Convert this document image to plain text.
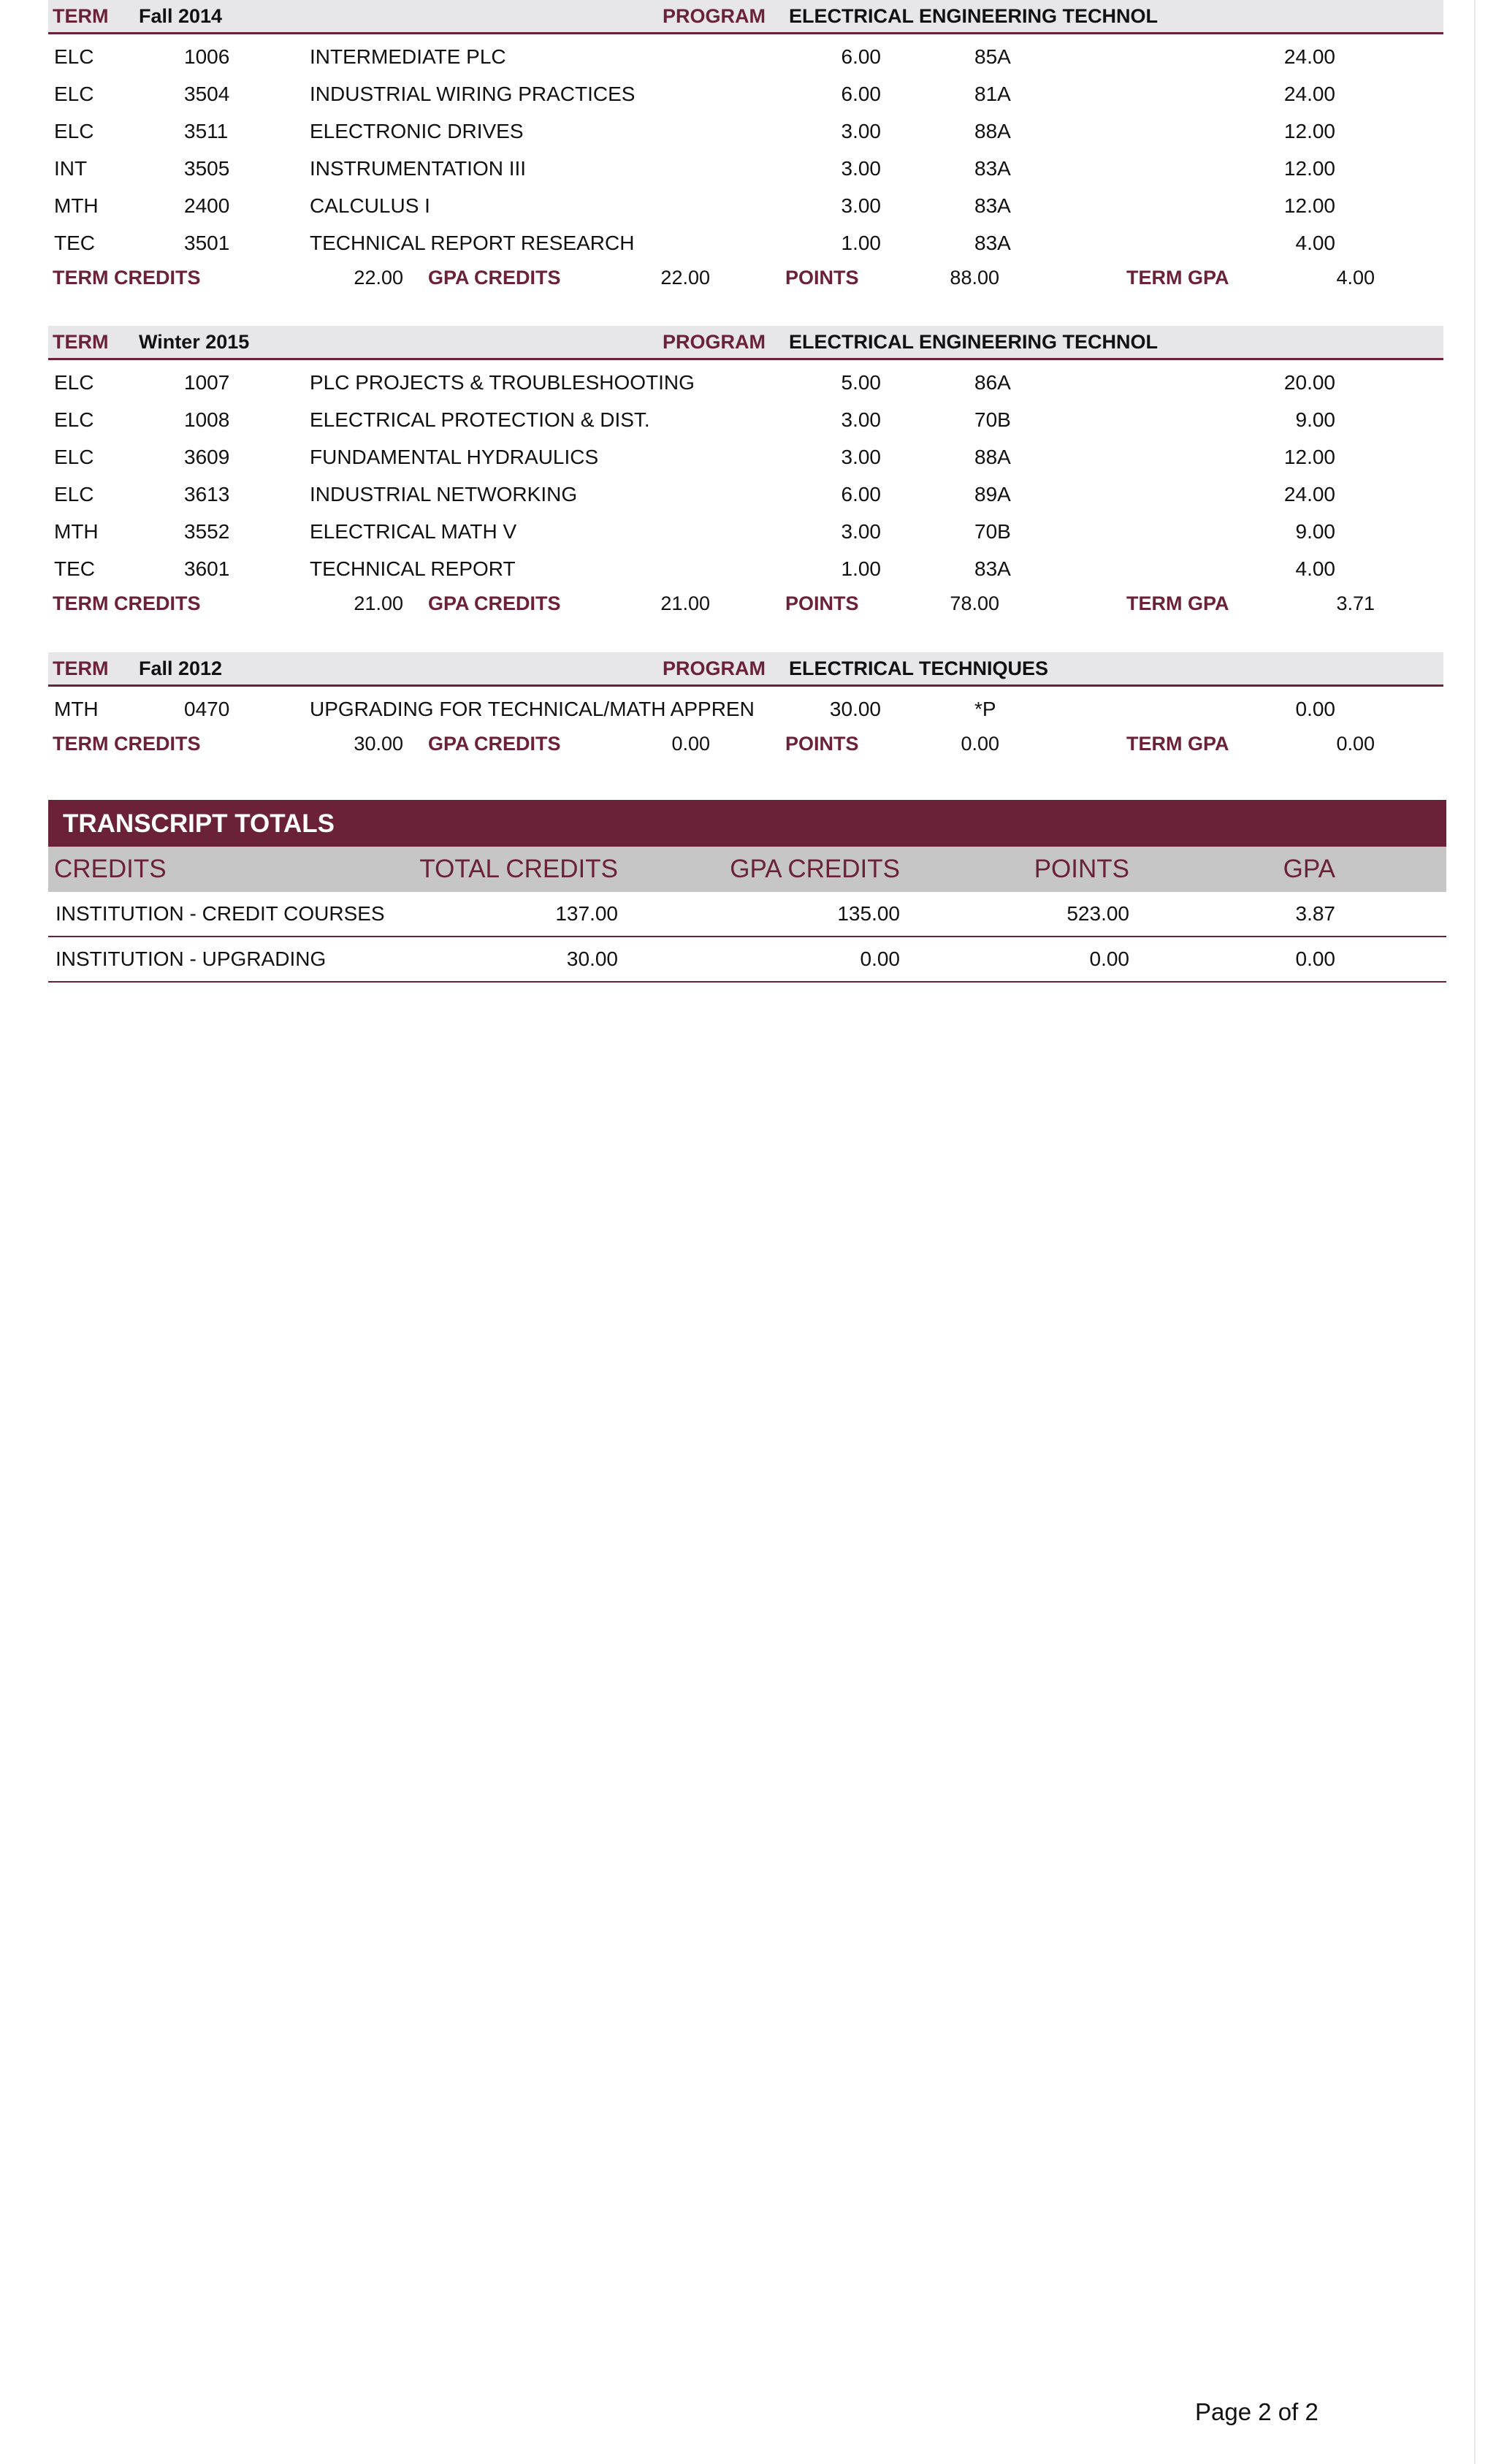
TERM Fall 2014	PROGRAM ELECTRICAL ENGINEERING TECHNOL
ELC	1006	INTERMEDIATE PLC	6.00	85A	24.00
ELC	3504	INDUSTRIAL WIRING PRACTICES	6.00	81A	24.00
ELC	3511	ELECTRONIC DRIVES	3.00	88A	12.00
INT	3505	INSTRUMENTATION III	3.00	83A	12.00
MTH	2400	CALCULUS I	3.00	83A	12.00
TEC	3501	TECHNICAL REPORT RESEARCH	1.00	83A	4.00
TERM CREDITS	22.00 GPA CREDITS	22.00	POINTS	88.00	TERM GPA	4.00
TERM Winter 2015	PROGRAM ELECTRICAL ENGINEERING TECHNOL
ELC	1007	PLC PROJECTS & TROUBLESHOOTING	5.00	86A	20.00
ELC	1008	ELECTRICAL PROTECTION & DIST.	3.00	70B	9.00
ELC	3609	FUNDAMENTAL HYDRAULICS	3.00	88A	12.00
ELC	3613	INDUSTRIAL NETWORKING	6.00	89A	24.00
MTH	3552	ELECTRICAL MATH V	3.00	70B	9.00
TEC	3601	TECHNICAL REPORT	1.00	83A	4.00
TERM CREDITS	21.00 GPA CREDITS	21.00	POINTS	78.00	TERM GPA	3.71
TERM Fall 2012	PROGRAM ELECTRICAL TECHNIQUES
MTH	0470	UPGRADING FOR TECHNICAL/MATH APPREN	30.00	*P	0.00
TERM CREDITS	30.00 GPA CREDITS	0.00	POINTS	0.00	TERM GPA	0.00
TRANSCRIPT TOTALS
CREDITS	TOTAL CREDITS	GPA CREDITS	POINTS	GPA
INSTITUTION - CREDIT COURSES	137.00	135.00	523.00	3.87
INSTITUTION - UPGRADING	30.00	0.00	0.00	0.00
Page 2 of 2
